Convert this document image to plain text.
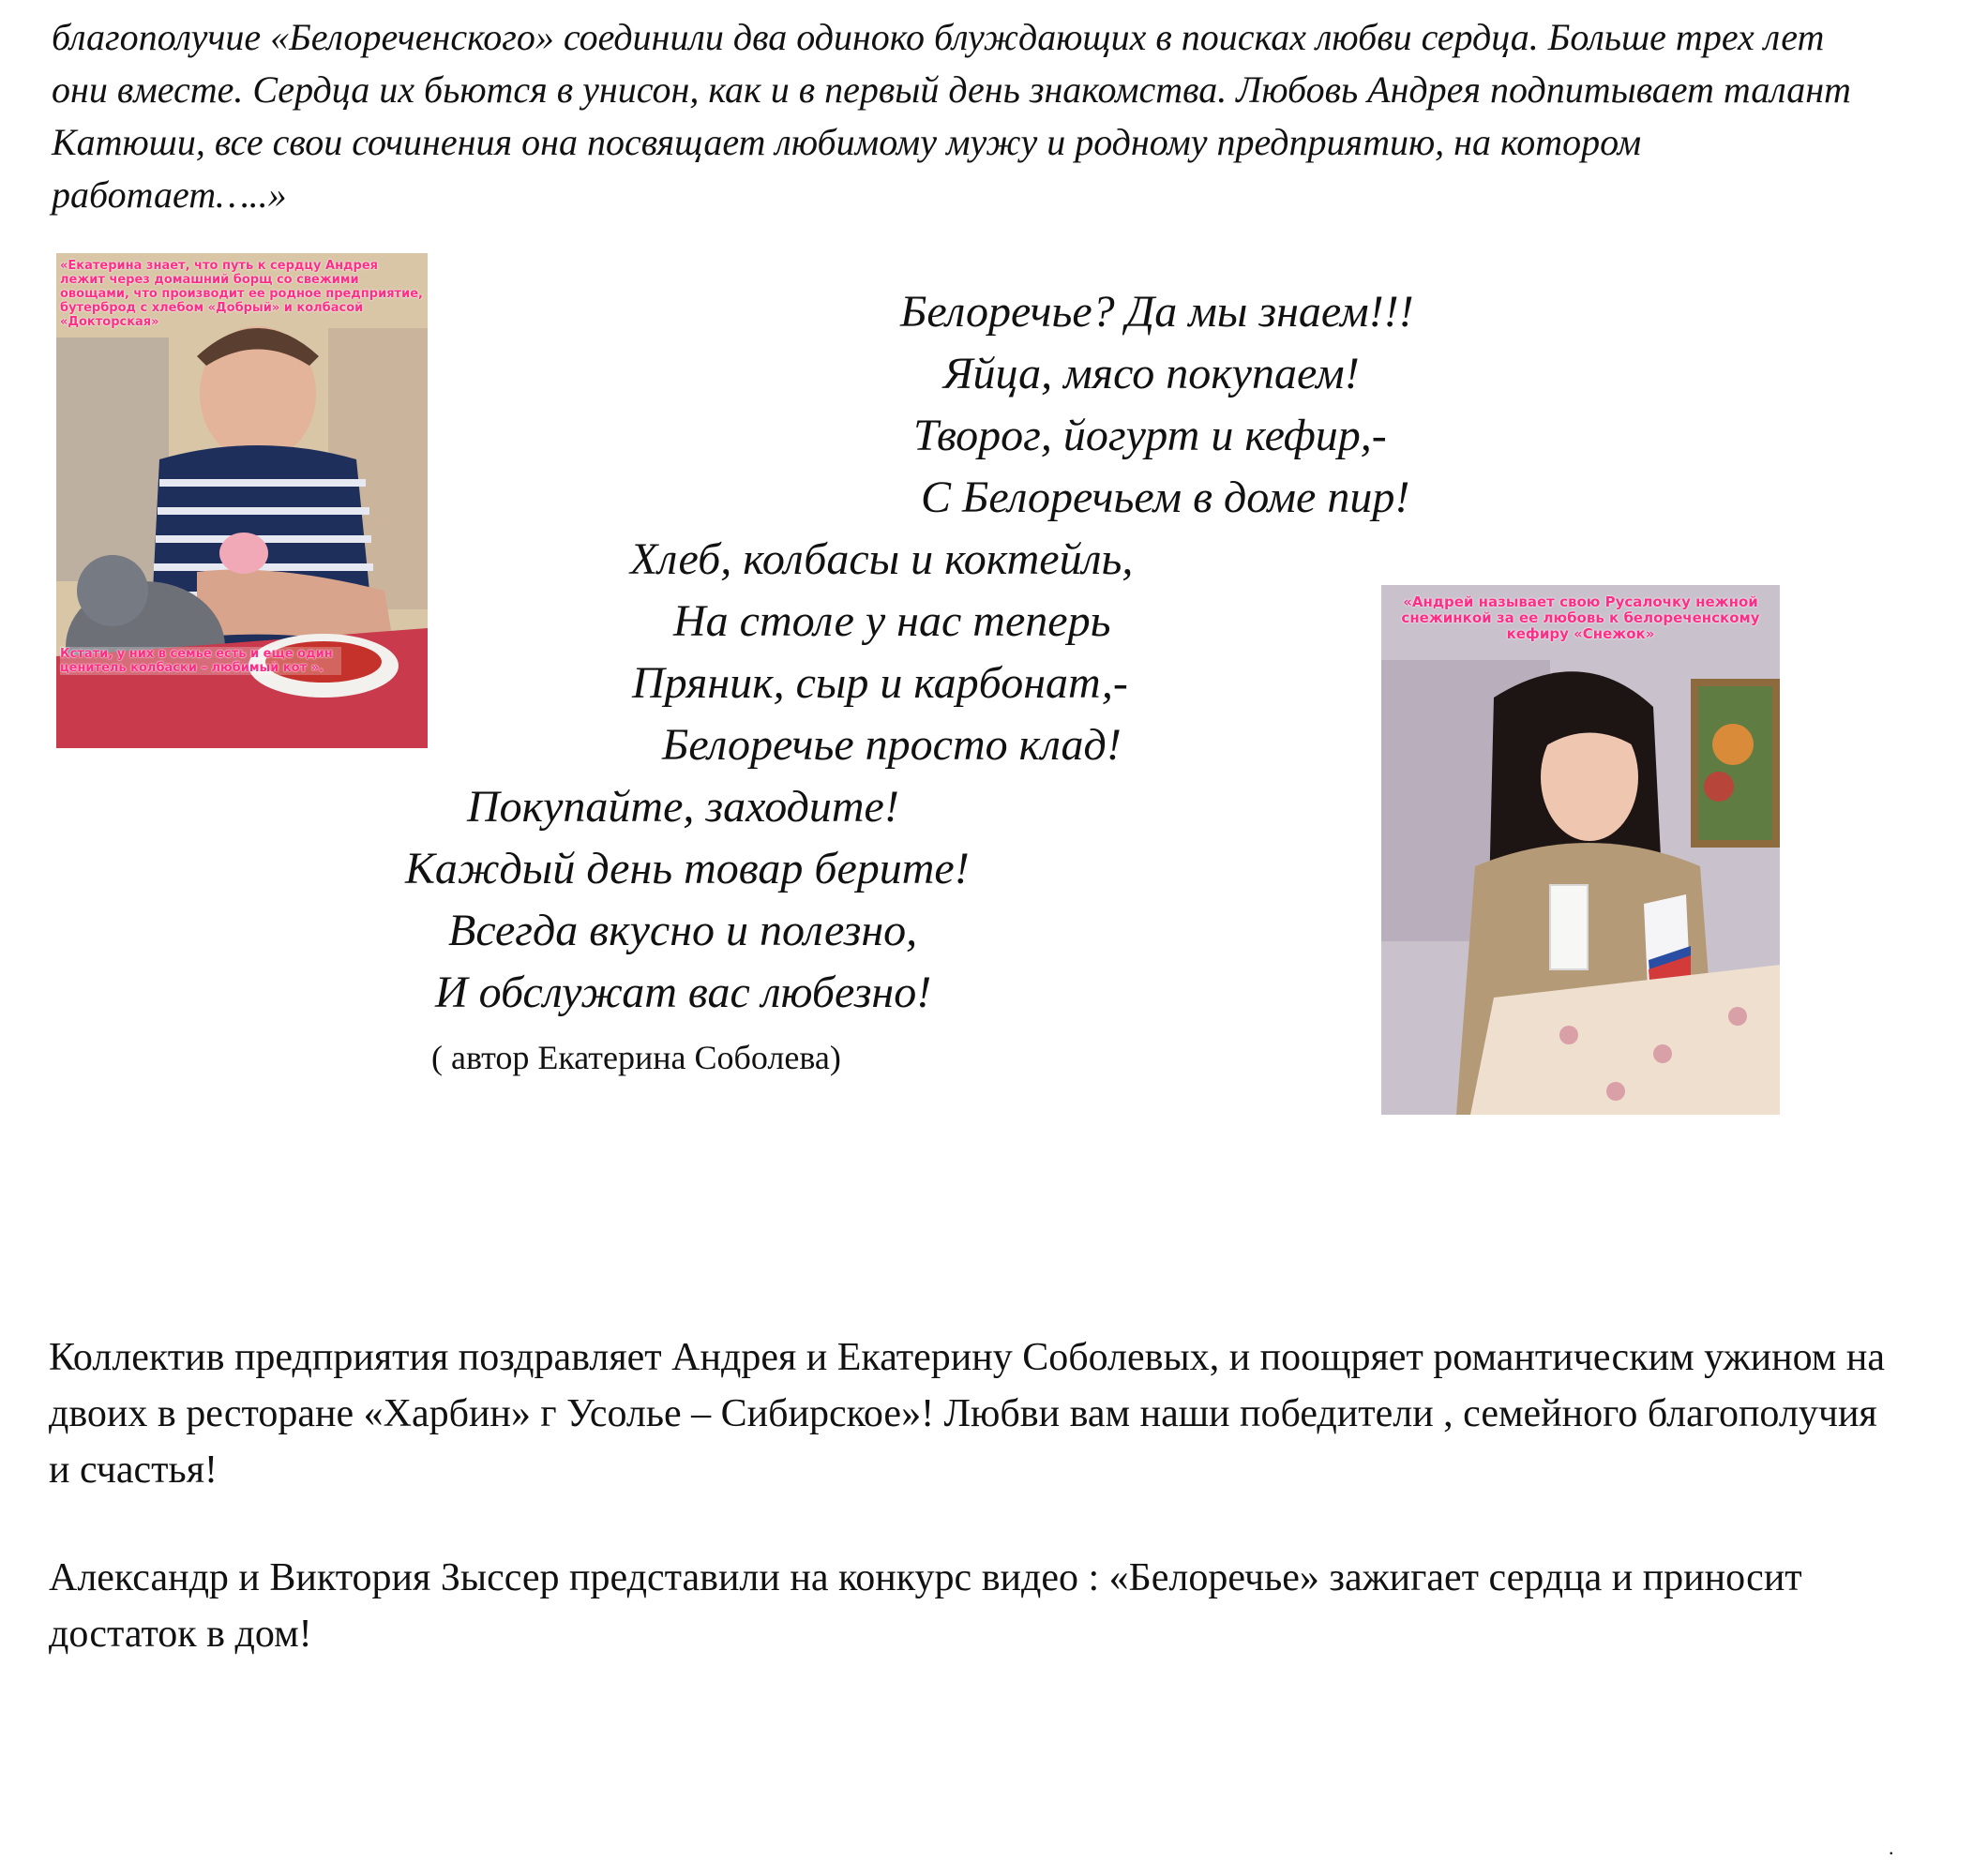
благополучие «Белореченского» соединили два одиноко блуждающих в поисках любви сердца. Больше трех лет они вместе. Сердца их бьются в унисон, как и в первый день знакомства. Любовь Андрея подпитывает талант Катюши, все свои сочинения она посвящает любимому мужу и родному предприятию, на котором работает…..»

«Екатерина знает, что путь к сердцу Андрея лежит через домашний борщ со свежими овощами, что производит ее родное предприятие, бутерброд с хлебом «Добрый» и колбасой «Докторская»
Кстати, у них в семье есть и еще один ценитель колбаски – любимый кот ».
Белоречье? Да мы знаем!!!
Яйца, мясо покупаем!
Творог, йогурт и кефир,-
С Белоречьем в доме пир!
Хлеб, колбасы и коктейль,
На столе у нас теперь
Пряник, сыр и карбонат,-
Белоречье просто клад!
Покупайте, заходите!
Каждый день товар берите!
Всегда вкусно и полезно,
И обслужат вас любезно!
( автор Екатерина Соболева)
«Андрей называет свою Русалочку нежной снежинкой за ее любовь к белореченскому кефиру «Снежок»

Коллектив предприятия поздравляет Андрея и Екатерину Соболевых, и поощряет романтическим ужином на двоих в ресторане «Харбин» г Усолье – Сибирское»! Любви вам наши победители , семейного благополучия и счастья!

Александр и Виктория Зыссер представили на конкурс видео : «Белоречье» зажигает сердца и приносит достаток в дом!

.
